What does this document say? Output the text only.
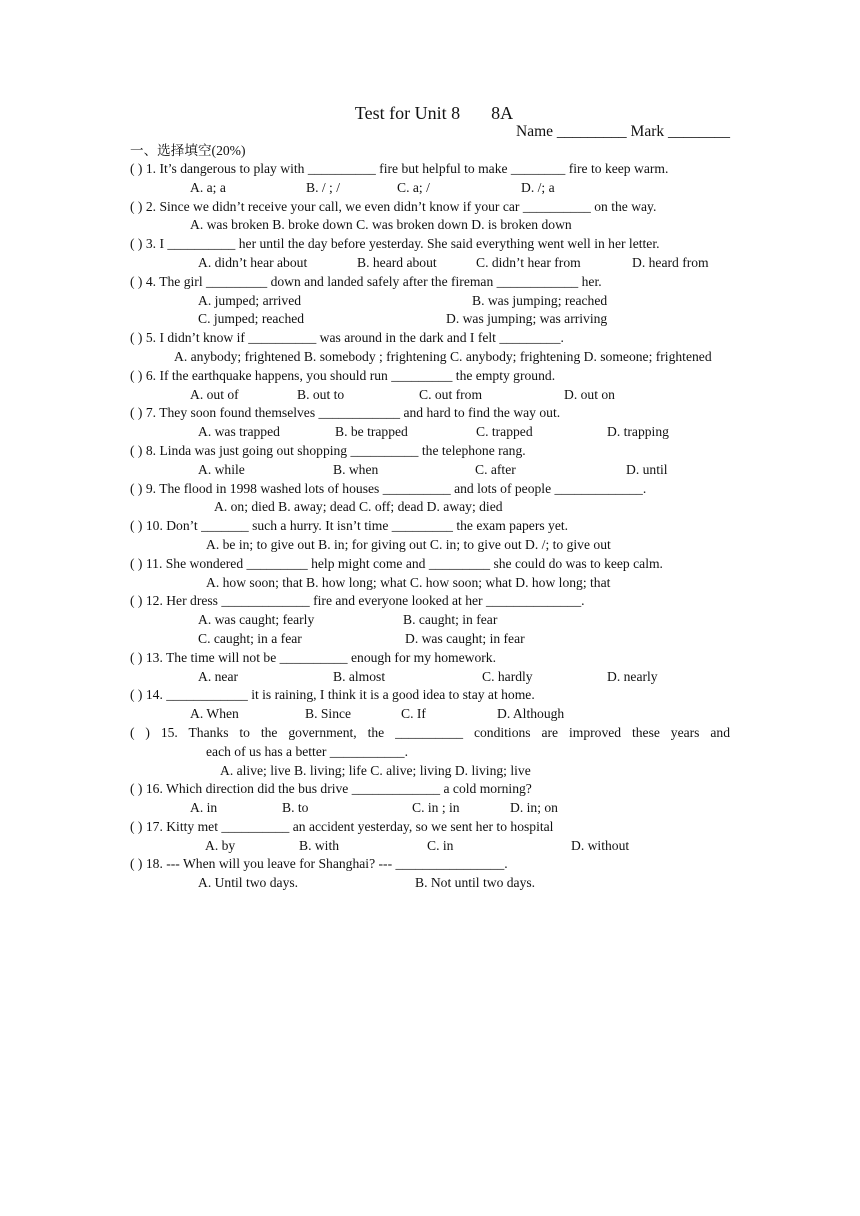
Test for Unit 8 8A
Name _________ Mark ________
一、选择填空(20%)
( ) 1. It’s dangerous to play with __________ fire but helpful to make ________ fire to keep warm.
A. a; a	B. / ; /	C. a; /	D. /; a
( ) 2. Since we didn’t receive your call, we even didn’t know if your car __________ on the way.
A. was broken B. broke down C. was broken down D. is broken down
( ) 3. I __________ her until the day before yesterday. She said everything went well in her letter.
A. didn’t hear about	B. heard about	C. didn’t hear from	D. heard from
( ) 4. The girl _________ down and landed safely after the fireman ____________ her.
A. jumped; arrived	B. was jumping; reached
C. jumped; reached	D. was jumping; was arriving
( ) 5. I didn’t know if __________ was around in the dark and I felt _________.
A. anybody; frightened B. somebody ; frightening C. anybody; frightening D. someone; frightened
( ) 6. If the earthquake happens, you should run _________ the empty ground.
A. out of	B. out to	C. out from	D. out on
( ) 7. They soon found themselves ____________ and hard to find the way out.
A. was trapped	B. be trapped	C. trapped	D. trapping
( ) 8. Linda was just going out shopping __________ the telephone rang.
A. while	B. when	C. after	D. until
( ) 9. The flood in 1998 washed lots of houses __________ and lots of people _____________.
A. on; died B. away; dead C. off; dead D. away; died
( ) 10. Don’t _______ such a hurry. It isn’t time _________ the exam papers yet.
A. be in; to give out B. in; for giving out C. in; to give out D. /; to give out
( ) 11. She wondered _________ help might come and _________ she could do was to keep calm.
A. how soon; that B. how long; what C. how soon; what D. how long; that
( ) 12. Her dress _____________ fire and everyone looked at her ______________.
A. was caught; fearly	B. caught; in fear
C. caught; in a fear	D. was caught; in fear
( ) 13. The time will not be __________ enough for my homework.
A. near	B. almost	C. hardly	D. nearly
( ) 14. ____________ it is raining, I think it is a good idea to stay at home.
A. When	B. Since	C. If	D. Although
( ) 15. Thanks to the government, the __________ conditions are improved these years and
each of us has a better ___________.
A. alive; live B. living; life C. alive; living D. living; live
( ) 16. Which direction did the bus drive _____________ a cold morning?
A. in	B. to	C. in ; in	D. in; on
( ) 17. Kitty met __________ an accident yesterday, so we sent her to hospital
A. by	B. with	C. in	D. without
( ) 18. --- When will you leave for Shanghai? --- ________________.
A. Until two days.	B. Not until two days.
